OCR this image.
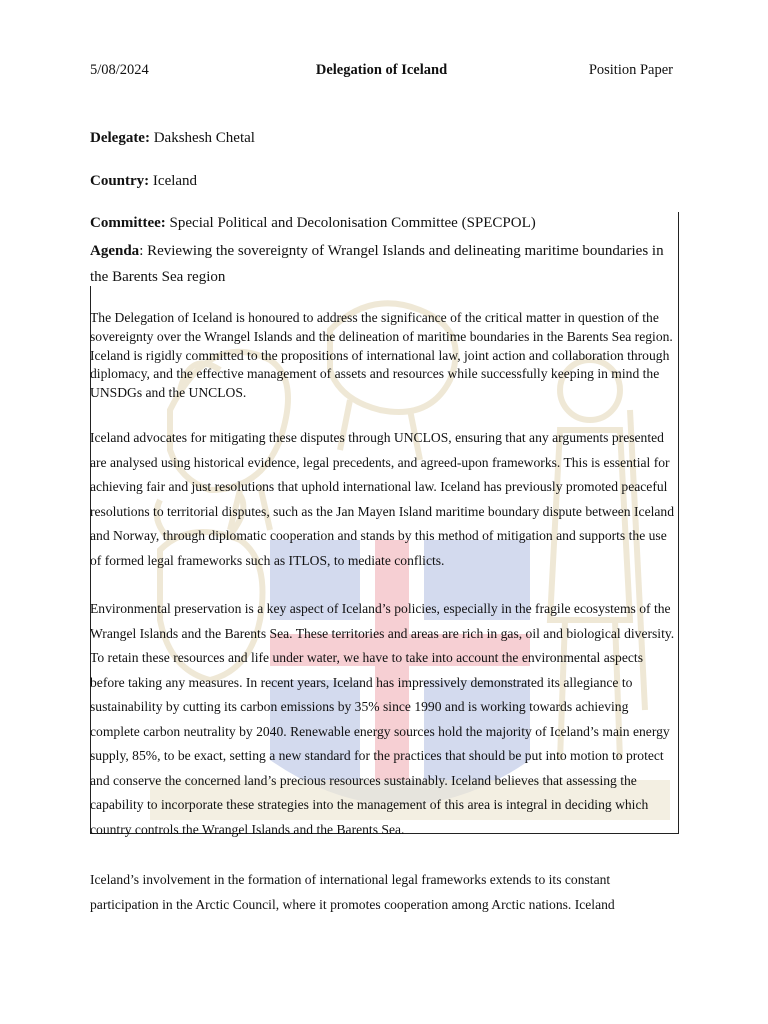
5/08/2024	Delegation of Iceland	Position Paper
Delegate: Dakshesh Chetal
Country: Iceland
Committee: Special Political and Decolonisation Committee (SPECPOL)
Agenda: Reviewing the sovereignty of Wrangel Islands and delineating maritime boundaries in the Barents Sea region
The Delegation of Iceland is honoured to address the significance of the critical matter in question of the sovereignty over the Wrangel Islands and the delineation of maritime boundaries in the Barents Sea region. Iceland is rigidly committed to the propositions of international law, joint action and collaboration through diplomacy, and the effective management of assets and resources while successfully keeping in mind the UNSDGs and the UNCLOS.
Iceland advocates for mitigating these disputes through UNCLOS, ensuring that any arguments presented are analysed using historical evidence, legal precedents, and agreed-upon frameworks. This is essential for achieving fair and just resolutions that uphold international law. Iceland has previously promoted peaceful resolutions to territorial disputes, such as the Jan Mayen Island maritime boundary dispute between Iceland and Norway, through diplomatic cooperation and stands by this method of mitigation and supports the use of formed legal frameworks such as ITLOS, to mediate conflicts.
Environmental preservation is a key aspect of Iceland’s policies, especially in the fragile ecosystems of the Wrangel Islands and the Barents Sea. These territories and areas are rich in gas, oil and biological diversity. To retain these resources and life under water, we have to take into account the environmental aspects before taking any measures. In recent years, Iceland has impressively demonstrated its allegiance to sustainability by cutting its carbon emissions by 35% since 1990 and is working towards achieving complete carbon neutrality by 2040. Renewable energy sources hold the majority of Iceland’s main energy supply, 85%, to be exact, setting a new standard for the practices that should be put into motion to protect and conserve the concerned land’s precious resources sustainably. Iceland believes that assessing the capability to incorporate these strategies into the management of this area is integral in deciding which country controls the Wrangel Islands and the Barents Sea.
Iceland’s involvement in the formation of international legal frameworks extends to its constant participation in the Arctic Council, where it promotes cooperation among Arctic nations. Iceland
